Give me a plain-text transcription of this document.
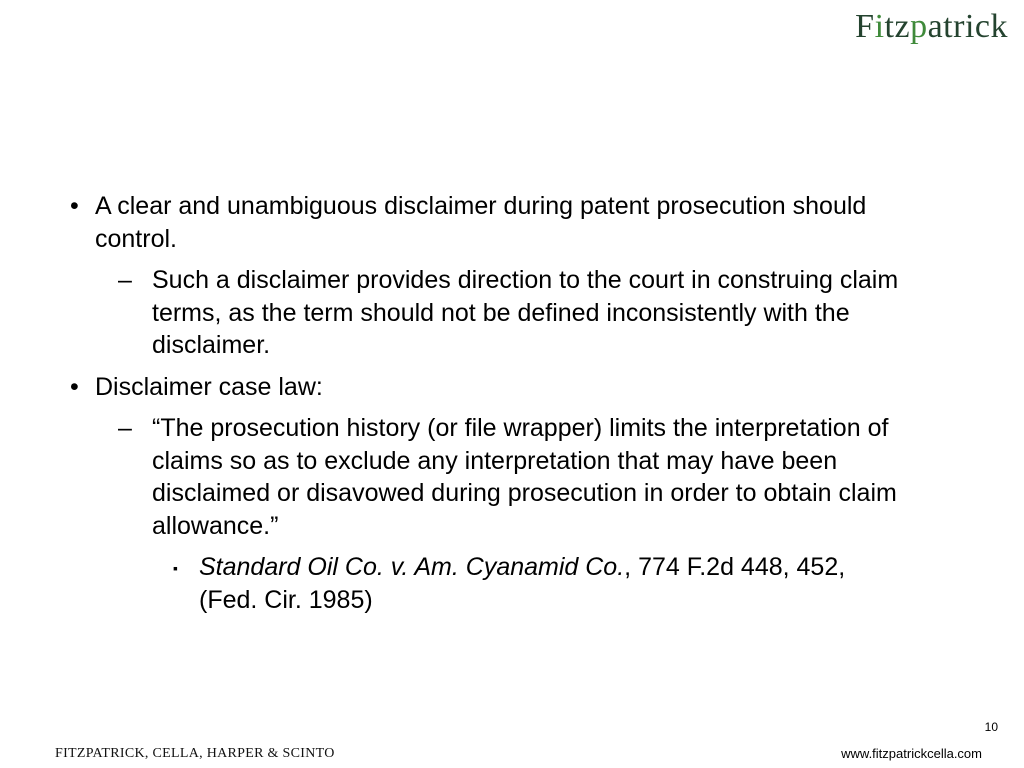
Fitzpatrick
• A clear and unambiguous disclaimer during patent prosecution should control.
– Such a disclaimer provides direction to the court in construing claim terms, as the term should not be defined inconsistently with the disclaimer.
• Disclaimer case law:
– “The prosecution history (or file wrapper) limits the interpretation of claims so as to exclude any interpretation that may have been disclaimed or disavowed during prosecution in order to obtain claim allowance.”
▪ Standard Oil Co. v. Am. Cyanamid Co., 774 F.2d 448, 452, (Fed. Cir. 1985)
10
FITZPATRICK, CELLA, HARPER & SCINTO	www.fitzpatrickcella.com
